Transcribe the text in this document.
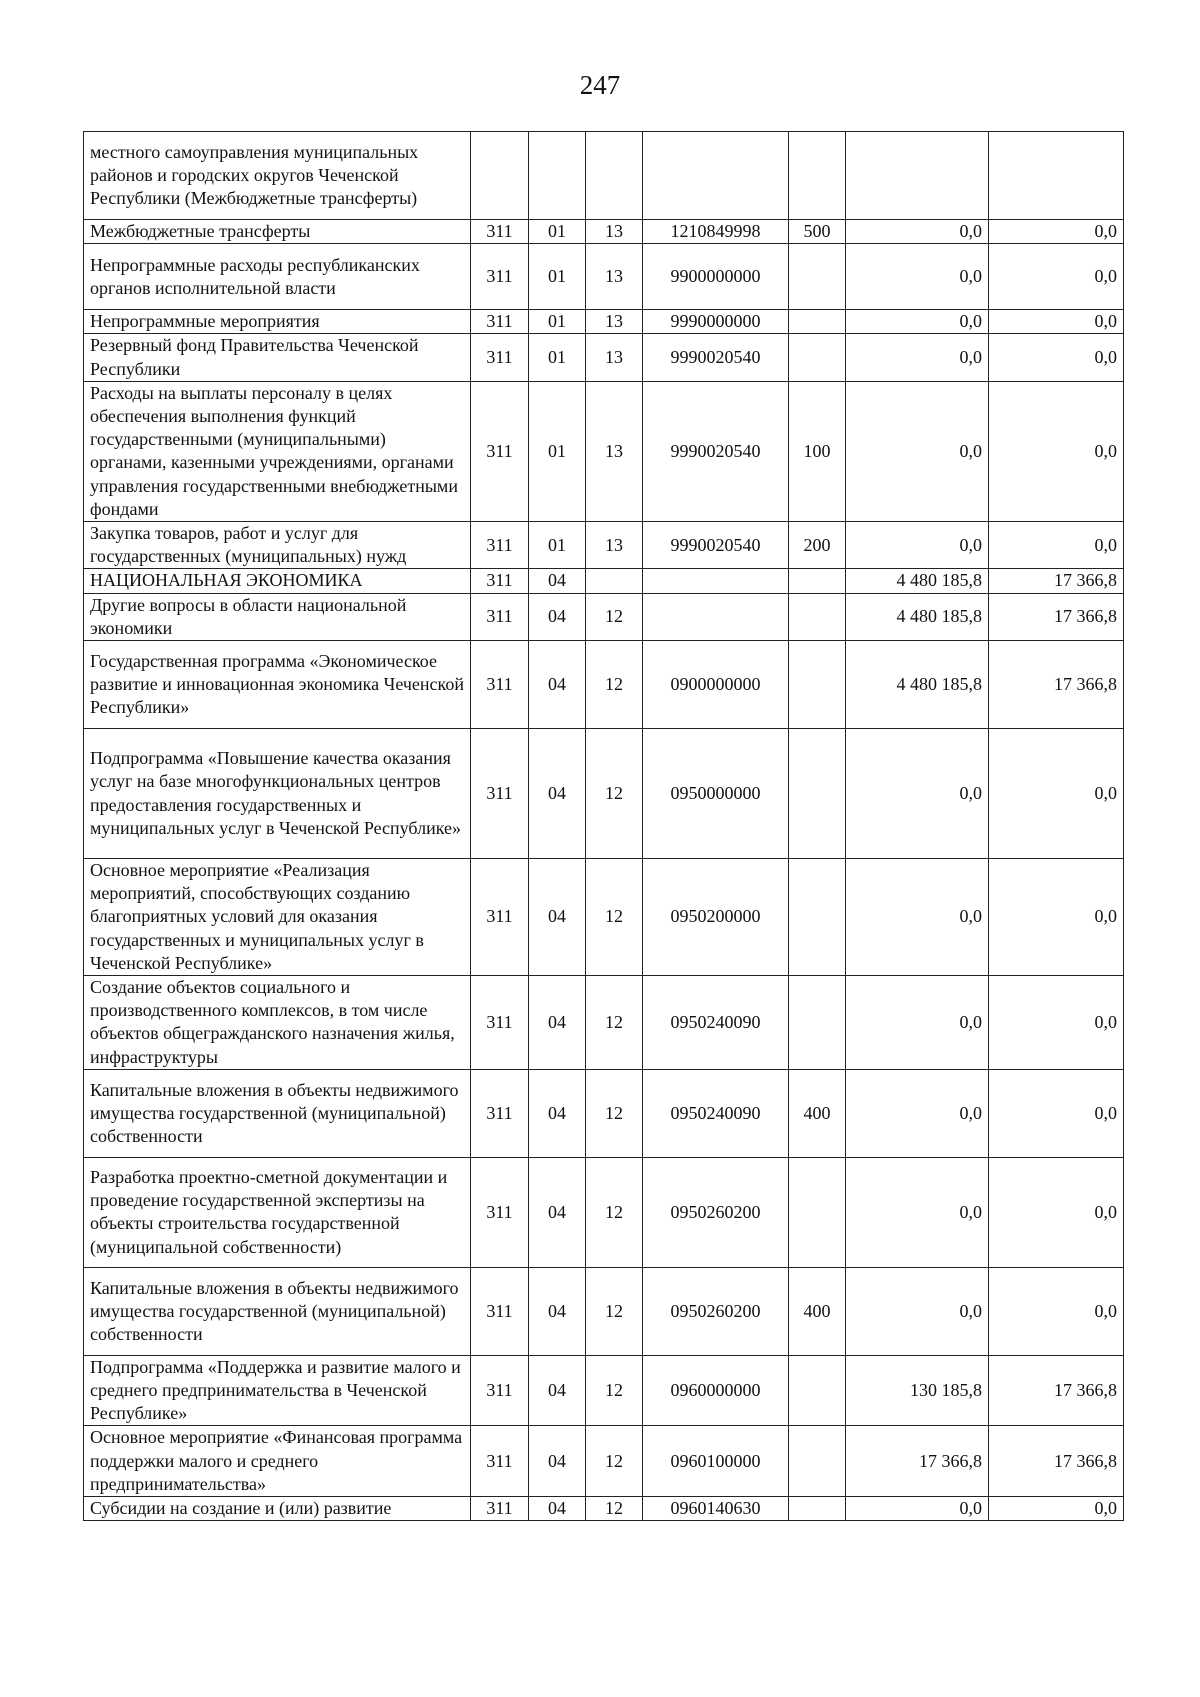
247
местного самоуправления муниципальных районов и городских округов Чеченской Республики (Межбюджетные трансферты)							
Межбюджетные трансферты	311	01	13	1210849998	500	0,0	0,0
Непрограммные расходы республиканских органов исполнительной власти	311	01	13	9900000000		0,0	0,0
Непрограммные мероприятия	311	01	13	9990000000		0,0	0,0
Резервный фонд Правительства Чеченской Республики	311	01	13	9990020540		0,0	0,0
Расходы на выплаты персоналу в целях обеспечения выполнения функций государственными (муниципальными) органами, казенными учреждениями, органами управления государственными внебюджетными фондами	311	01	13	9990020540	100	0,0	0,0
Закупка товаров, работ и услуг для государственных (муниципальных) нужд	311	01	13	9990020540	200	0,0	0,0
НАЦИОНАЛЬНАЯ ЭКОНОМИКА	311	04				4 480 185,8	17 366,8
Другие вопросы в области национальной экономики	311	04	12			4 480 185,8	17 366,8
Государственная программа «Экономическое развитие и инновационная экономика Чеченской Республики»	311	04	12	0900000000		4 480 185,8	17 366,8
Подпрограмма «Повышение качества оказания услуг на базе многофункциональных центров предоставления государственных и муниципальных услуг в Чеченской Республике»	311	04	12	0950000000		0,0	0,0
Основное мероприятие «Реализация мероприятий, способствующих созданию благоприятных условий для оказания государственных и муниципальных услуг в Чеченской Республике»	311	04	12	0950200000		0,0	0,0
Создание объектов социального и производственного комплексов, в том числе объектов общегражданского назначения жилья, инфраструктуры	311	04	12	0950240090		0,0	0,0
Капитальные вложения в объекты недвижимого имущества государственной (муниципальной) собственности	311	04	12	0950240090	400	0,0	0,0
Разработка проектно-сметной документации и проведение государственной экспертизы на объекты строительства государственной (муниципальной собственности)	311	04	12	0950260200		0,0	0,0
Капитальные вложения в объекты недвижимого имущества государственной (муниципальной) собственности	311	04	12	0950260200	400	0,0	0,0
Подпрограмма «Поддержка и развитие малого и среднего предпринимательства в Чеченской Республике»	311	04	12	0960000000		130 185,8	17 366,8
Основное мероприятие «Финансовая программа поддержки малого и среднего предпринимательства»	311	04	12	0960100000		17 366,8	17 366,8
Субсидии на создание и (или) развитие	311	04	12	0960140630		0,0	0,0
